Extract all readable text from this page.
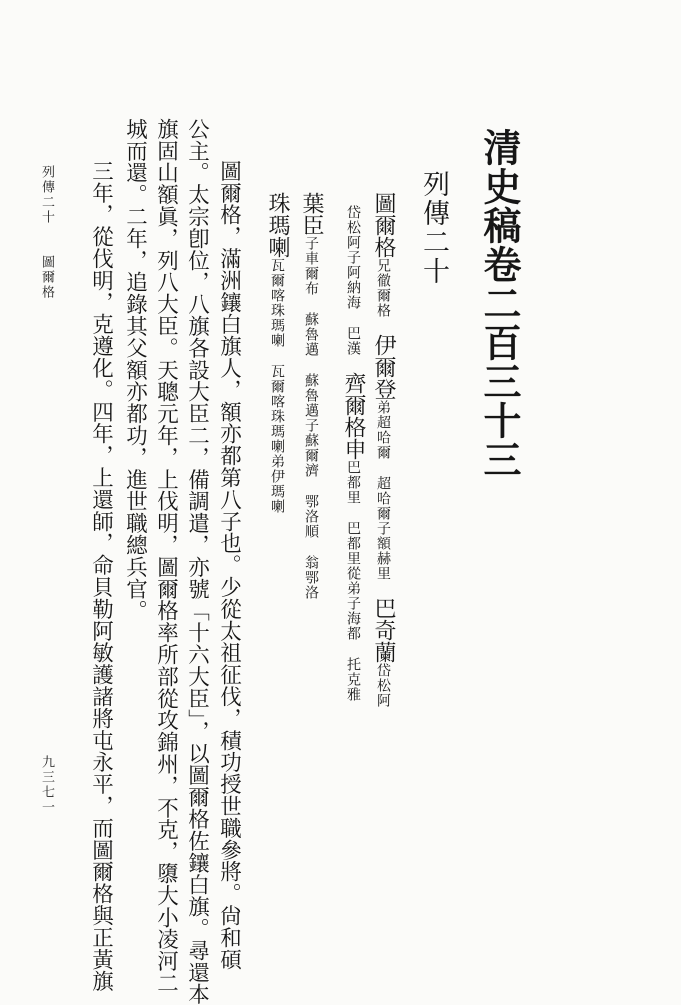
清史稿卷二百三十三
列傳二十
圖爾格兄徹爾格伊爾登弟超哈爾超哈爾子額赫里巴奇蘭岱松阿
岱松阿子阿納海巴漢齊爾格申巴都里巴都里從弟子海都托克雅
葉臣子車爾布蘇魯邁蘇魯邁子蘇爾濟鄂洛順翁鄂洛
珠瑪喇瓦爾喀珠瑪喇瓦爾喀珠瑪喇弟伊瑪喇
圖爾格，滿洲鑲白旗人，額亦都第八子也。少從太祖征伐，積功授世職參將。尙和碩
公主。太宗卽位，八旗各設大臣二，備調遣，亦號「十六大臣」，以圖爾格佐鑲白旗。尋還本
旗固山額眞，列八大臣。天聰元年，上伐明，圖爾格率所部從攻錦州，不克，隳大小凌河二
城而還。二年，追錄其父額亦都功，進世職總兵官。
三年，從伐明，克遵化。四年，上還師，命貝勒阿敏護諸將屯永平，而圖爾格與正黃旗
列傳二十　　圖爾格
九三七一
